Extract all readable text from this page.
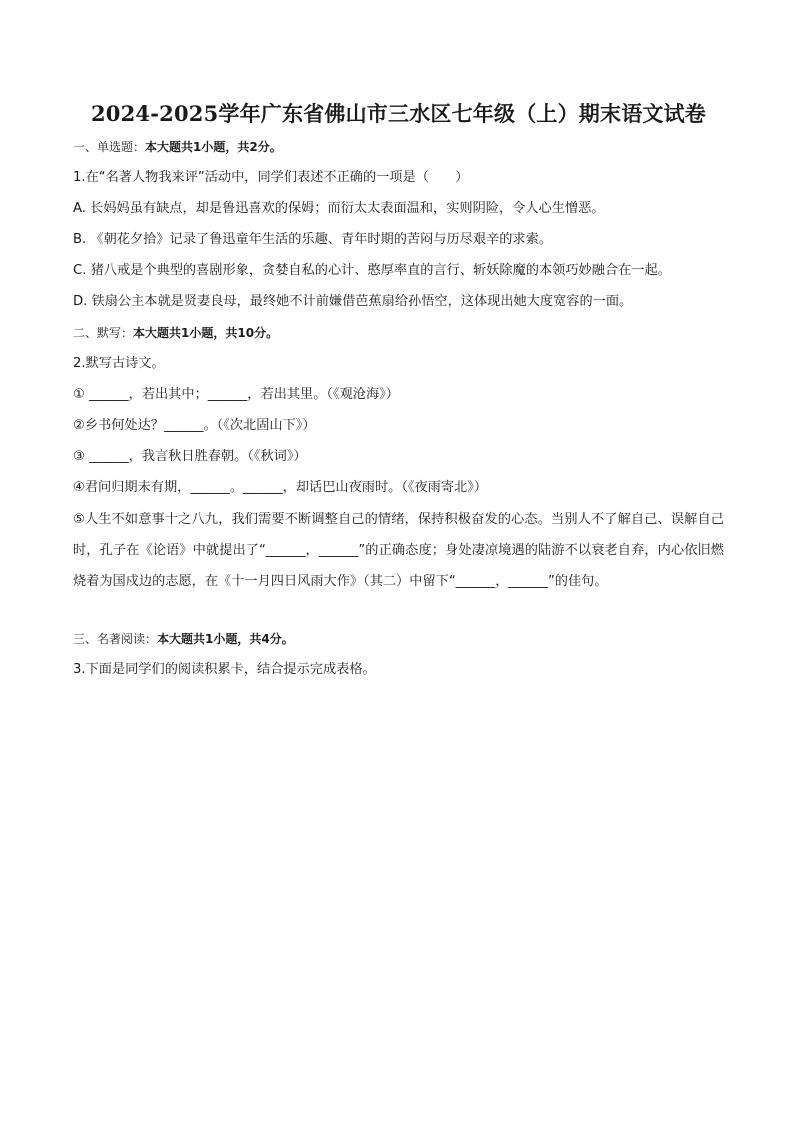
2024-2025学年广东省佛山市三水区七年级（上）期末语文试卷
一、单选题：本大题共1小题，共2分。
1.在“名著人物我来评”活动中，同学们表述不正确的一项是（　　）
A. 长妈妈虽有缺点，却是鲁迅喜欢的保姆；而衍太太表面温和，实则阴险，令人心生憎恶。
B. 《朝花夕拾》记录了鲁迅童年生活的乐趣、青年时期的苦闷与历尽艰辛的求索。
C. 猪八戒是个典型的喜剧形象，贪婪自私的心计、憨厚率直的言行、斩妖除魔的本领巧妙融合在一起。
D. 铁扇公主本就是贤妻良母，最终她不计前嫌借芭蕉扇给孙悟空，这体现出她大度宽容的一面。
二、默写：本大题共1小题，共10分。
2.默写古诗文。
① ______，若出其中；______，若出其里。（《观沧海》）
②乡书何处达？______。（《次北固山下》）
③ ______，我言秋日胜春朝。（《秋词》）
④君问归期未有期，______。______，却话巴山夜雨时。（《夜雨寄北》）
⑤人生不如意事十之八九，我们需要不断调整自己的情绪，保持积极奋发的心态。当别人不了解自己、误解自己时，孔子在《论语》中就提出了“______，______”的正确态度；身处凄凉境遇的陆游不以衰老自弃，内心依旧燃烧着为国戍边的志愿，在《十一月四日风雨大作》（其二）中留下“______，______”的佳句。
三、名著阅读：本大题共1小题，共4分。
3.下面是同学们的阅读积累卡，结合提示完成表格。
